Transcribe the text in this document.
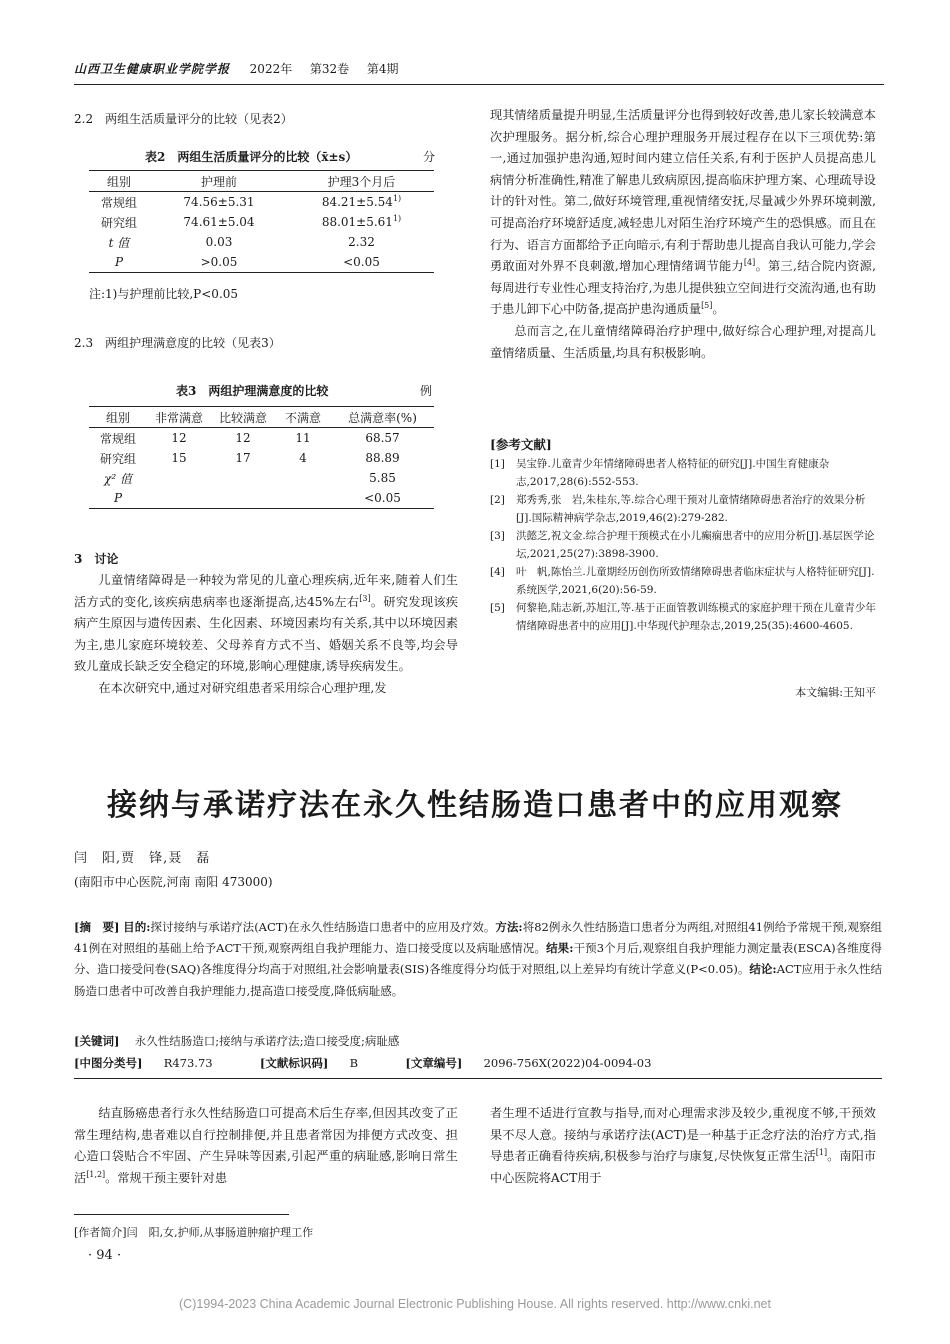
山西卫生健康职业学院学报 2022年 第32卷 第4期
2.2　两组生活质量评分的比较（见表2）
表2　两组生活质量评分的比较（x̄±s）	分
组别	护理前	护理3个月后
常规组	74.56±5.31	$84.21\pm 5.54^{1)}$
研究组	74.61±5.04	$88.01\pm 5.61^{1)}$
t 值	0.03	2.32
P	>0.05	<0.05
注:1)与护理前比较,P<0.05
2.3　两组护理满意度的比较（见表3）
表3　两组护理满意度的比较	例
组别	非常满意	比较满意	不满意	总满意率(%)
常规组	12	12	11	68.57
研究组	15	17	4	88.89
χ² 值				5.85
P				<0.05
3　讨论

儿童情绪障碍是一种较为常见的儿童心理疾病,近年来,随着人们生活方式的变化,该疾病患病率也逐渐提高,达45%左右[3]。研究发现该疾病产生原因与遗传因素、生化因素、环境因素均有关系,其中以环境因素为主,患儿家庭环境较差、父母养育方式不当、婚姻关系不良等,均会导致儿童成长缺乏安全稳定的环境,影响心理健康,诱导疾病发生。

在本次研究中,通过对研究组患者采用综合心理护理,发

现其情绪质量提升明显,生活质量评分也得到较好改善,患儿家长较满意本次护理服务。据分析,综合心理护理服务开展过程存在以下三项优势:第一,通过加强护患沟通,短时间内建立信任关系,有利于医护人员提高患儿病情分析准确性,精准了解患儿致病原因,提高临床护理方案、心理疏导设计的针对性。第二,做好环境管理,重视情绪安抚,尽量减少外界环境刺激,可提高治疗环境舒适度,减轻患儿对陌生治疗环境产生的恐惧感。而且在行为、语言方面都给予正向暗示,有利于帮助患儿提高自我认可能力,学会勇敢面对外界不良刺激,增加心理情绪调节能力[4]。第三,结合院内资源,每周进行专业性心理支持治疗,为患儿提供独立空间进行交流沟通,也有助于患儿卸下心中防备,提高护患沟通质量[5]。

总而言之,在儿童情绪障碍治疗护理中,做好综合心理护理,对提高儿童情绪质量、生活质量,均具有积极影响。

[参考文献]
[1]	吴宝铮.儿童青少年情绪障碍患者人格特征的研究[J].中国生育健康杂志,2017,28(6):552-553.
[2]	郑秀秀,张　岩,朱桂东,等.综合心理干预对儿童情绪障碍患者治疗的效果分析[J].国际精神病学杂志,2019,46(2):279-282.
[3]	洪懿芝,祝文金.综合护理干预模式在小儿癫痫患者中的应用分析[J].基层医学论坛,2021,25(27):3898-3900.
[4]	叶　帆,陈怡兰.儿童期经历创伤所致情绪障碍患者临床症状与人格特征研究[J].系统医学,2021,6(20):56-59.
[5]	何黎艳,陆志新,苏旭江,等.基于正面管教训练模式的家庭护理干预在儿童青少年情绪障碍患者中的应用[J].中华现代护理杂志,2019,25(35):4600-4605.
本文编辑:王知平
接纳与承诺疗法在永久性结肠造口患者中的应用观察
闫　阳,贾　锋,聂　磊
(南阳市中心医院,河南 南阳 473000)
[摘　要] 目的:探讨接纳与承诺疗法(ACT)在永久性结肠造口患者中的应用及疗效。方法:将82例永久性结肠造口患者分为两组,对照组41例给予常规干预,观察组41例在对照组的基础上给予ACT干预,观察两组自我护理能力、造口接受度以及病耻感情况。结果:干预3个月后,观察组自我护理能力测定量表(ESCA)各维度得分、造口接受问卷(SAQ)各维度得分均高于对照组,社会影响量表(SIS)各维度得分均低于对照组,以上差异均有统计学意义(P<0.05)。结论:ACT应用于永久性结肠造口患者中可改善自我护理能力,提高造口接受度,降低病耻感。
[关键词] 永久性结肠造口;接纳与承诺疗法;造口接受度;病耻感
[中图分类号] R473.73	[文献标识码] B	[文章编号] 2096-756X(2022)04-0094-03

结直肠癌患者行永久性结肠造口可提高术后生存率,但因其改变了正常生理结构,患者难以自行控制排便,并且患者常因为排便方式改变、担心造口袋贴合不牢固、产生异味等因素,引起严重的病耻感,影响日常生活[1,2]。常规干预主要针对患

者生理不适进行宣教与指导,而对心理需求涉及较少,重视度不够,干预效果不尽人意。接纳与承诺疗法(ACT)是一种基于正念疗法的治疗方式,指导患者正确看待疾病,积极参与治疗与康复,尽快恢复正常生活[1]。南阳市中心医院将ACT用于

[作者简介]闫　阳,女,护师,从事肠道肿瘤护理工作
· 94 ·
(C)1994-2023 China Academic Journal Electronic Publishing House. All rights reserved. http://www.cnki.net
